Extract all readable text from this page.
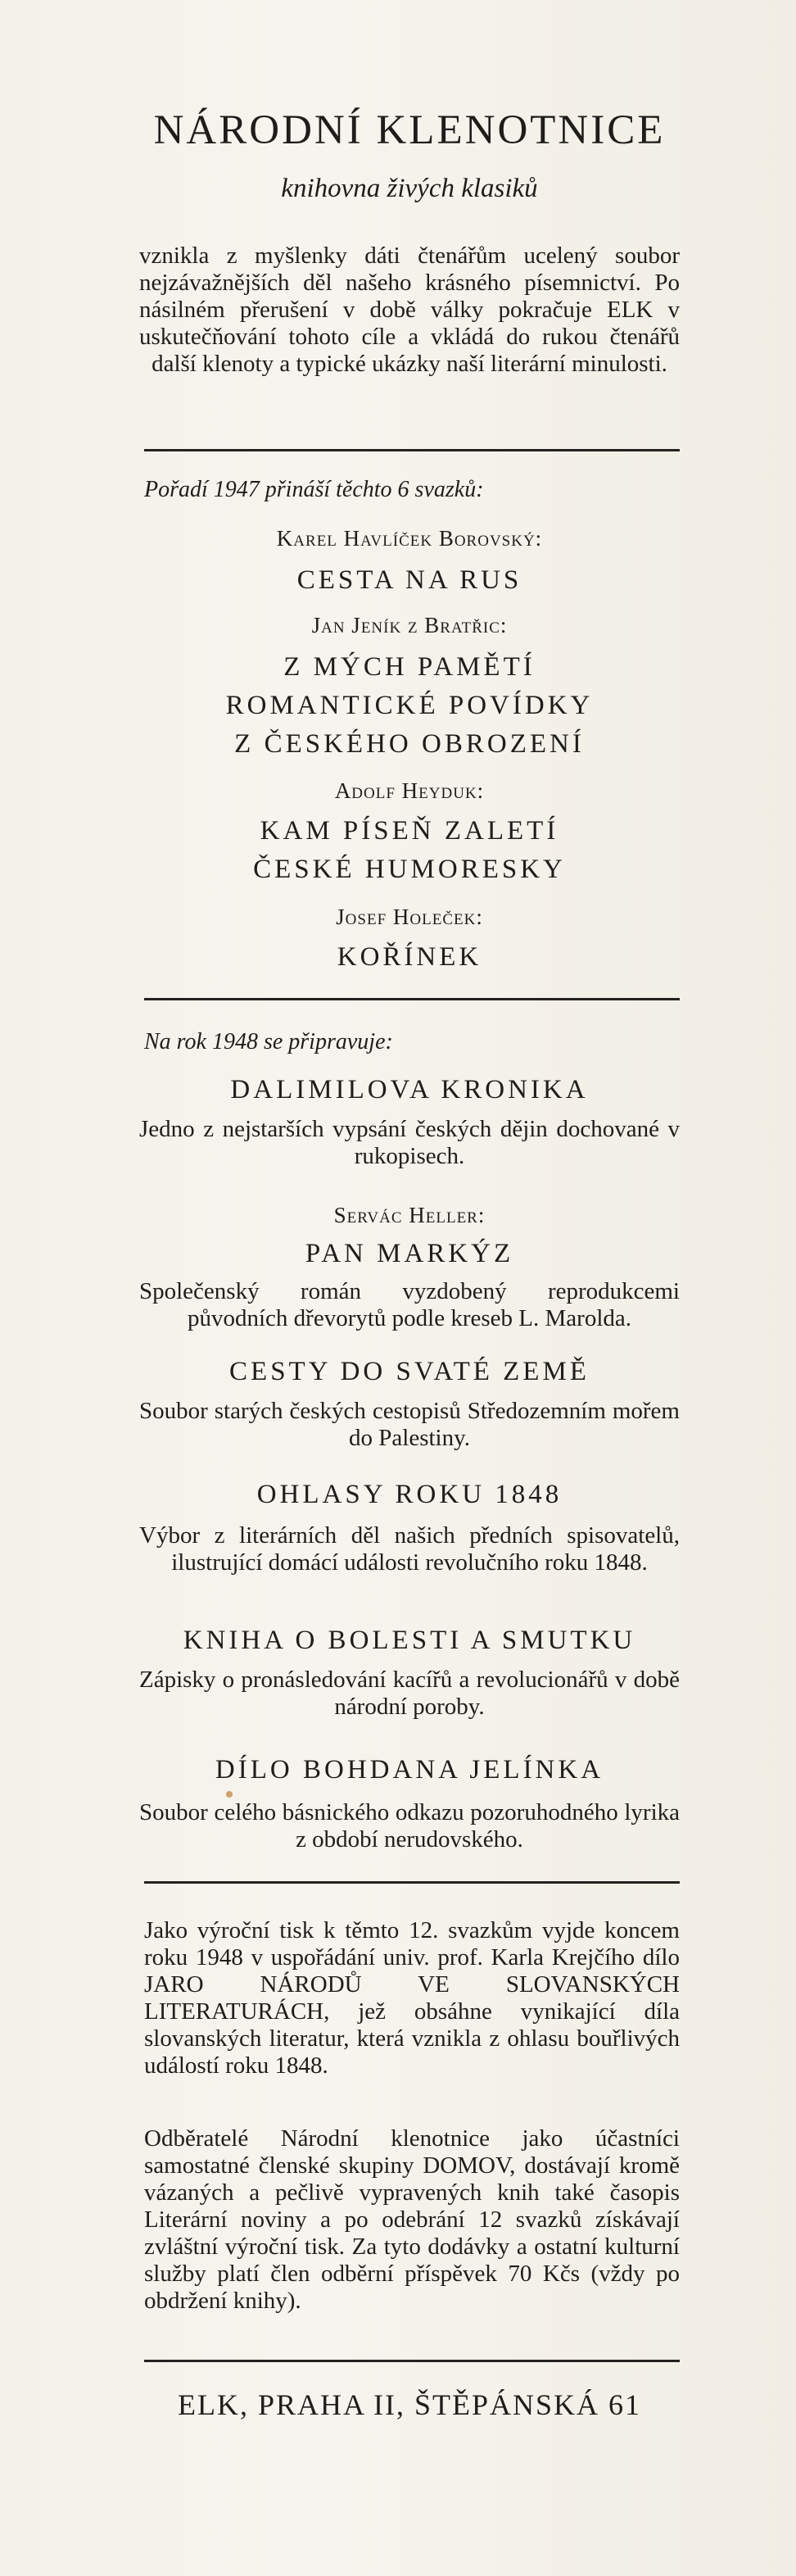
NÁRODNÍ KLENOTNICE
knihovna živých klasiků
vznikla z myšlenky dáti čtenářům ucelený soubor nejzávažnějších děl našeho krásného písemnictví. Po násilném přerušení v době války pokračuje ELK v uskutečňování tohoto cíle a vkládá do rukou čtenářů další klenoty a typické ukázky naší literární minulosti.
Pořadí 1947 přináší těchto 6 svazků:
Karel Havlíček Borovský:
CESTA NA RUS
Jan Jeník z Bratřic:
Z MÝCH PAMĚTÍ
ROMANTICKÉ POVÍDKY
Z ČESKÉHO OBROZENÍ
Adolf Heyduk:
KAM PÍSEŇ ZALETÍ
ČESKÉ HUMORESKY
Josef Holeček:
KOŘÍNEK
Na rok 1948 se připravuje:
DALIMILOVA KRONIKA
Jedno z nejstarších vypsání českých dějin dochované v rukopisech.
Servác Heller:
PAN MARKÝZ
Společenský román vyzdobený reprodukcemi původních dřevorytů podle kreseb L. Marolda.
CESTY DO SVATÉ ZEMĚ
Soubor starých českých cestopisů Středozemním mořem do Palestiny.
OHLASY ROKU 1848
Výbor z literárních děl našich předních spisovatelů, ilustrující domácí události revolučního roku 1848.
KNIHA O BOLESTI A SMUTKU
Zápisky o pronásledování kacířů a revolucionářů v době národní poroby.
DÍLO BOHDANA JELÍNKA
Soubor celého básnického odkazu pozoruhodného lyrika z období nerudovského.
Jako výroční tisk k těmto 12. svazkům vyjde koncem roku 1948 v uspořádání univ. prof. Karla Krejčího dílo JARO NÁRODŮ VE SLOVANSKÝCH LITERATURÁCH, jež obsáhne vynikající díla slovanských literatur, která vznikla z ohlasu bouřlivých událostí roku 1848.
Odběratelé Národní klenotnice jako účastníci samostatné členské skupiny DOMOV, dostávají kromě vázaných a pečlivě vypravených knih také časopis Literární noviny a po odebrání 12 svazků získávají zvláštní výroční tisk. Za tyto dodávky a ostatní kulturní služby platí člen odběrní příspěvek 70 Kčs (vždy po obdržení knihy).
ELK, PRAHA II, ŠTĚPÁNSKÁ 61
